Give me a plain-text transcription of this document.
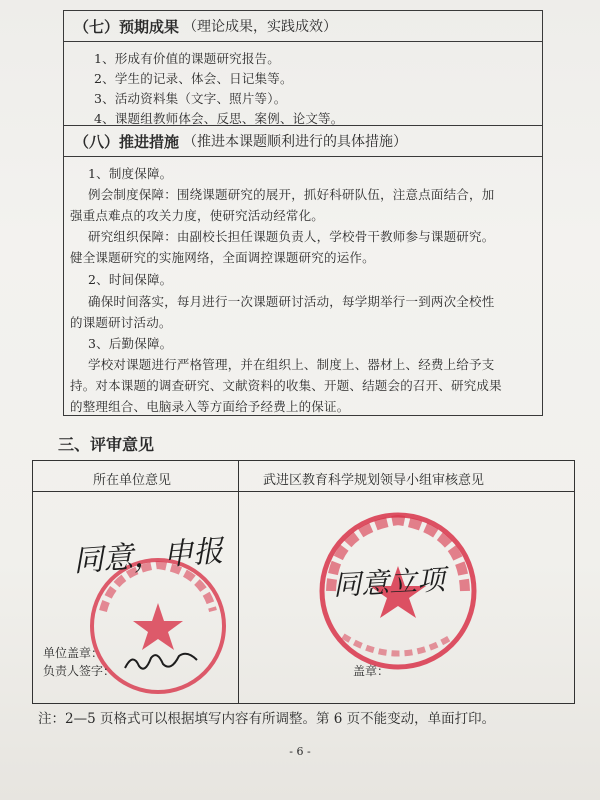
（七）预期成果 （理论成果，实践成效）
1、形成有价值的课题研究报告。
2、学生的记录、体会、日记集等。
3、活动资料集（文字、照片等）。
4、课题组教师体会、反思、案例、论文等。
（八）推进措施 （推进本课题顺利进行的具体措施）
1、制度保障。
例会制度保障：围绕课题研究的展开，抓好科研队伍，注意点面结合，加
强重点难点的攻关力度，使研究活动经常化。
研究组织保障：由副校长担任课题负责人，学校骨干教师参与课题研究。
健全课题研究的实施网络，全面调控课题研究的运作。
2、时间保障。
确保时间落实，每月进行一次课题研讨活动，每学期举行一到两次全校性
的课题研讨活动。
3、后勤保障。
学校对课题进行严格管理，并在组织上、制度上、器材上、经费上给予支
持。对本课题的调查研究、文献资料的收集、开题、结题会的召开、研究成果
的整理组合、电脑录入等方面给予经费上的保证。
三、评审意见
所在单位意见	武进区教育科学规划领导小组审核意见
同意，申报
单位盖章：
负责人签字：
同意立项
盖章：
注：2—5 页格式可以根据填写内容有所调整。第 6 页不能变动，单面打印。
- 6 -
